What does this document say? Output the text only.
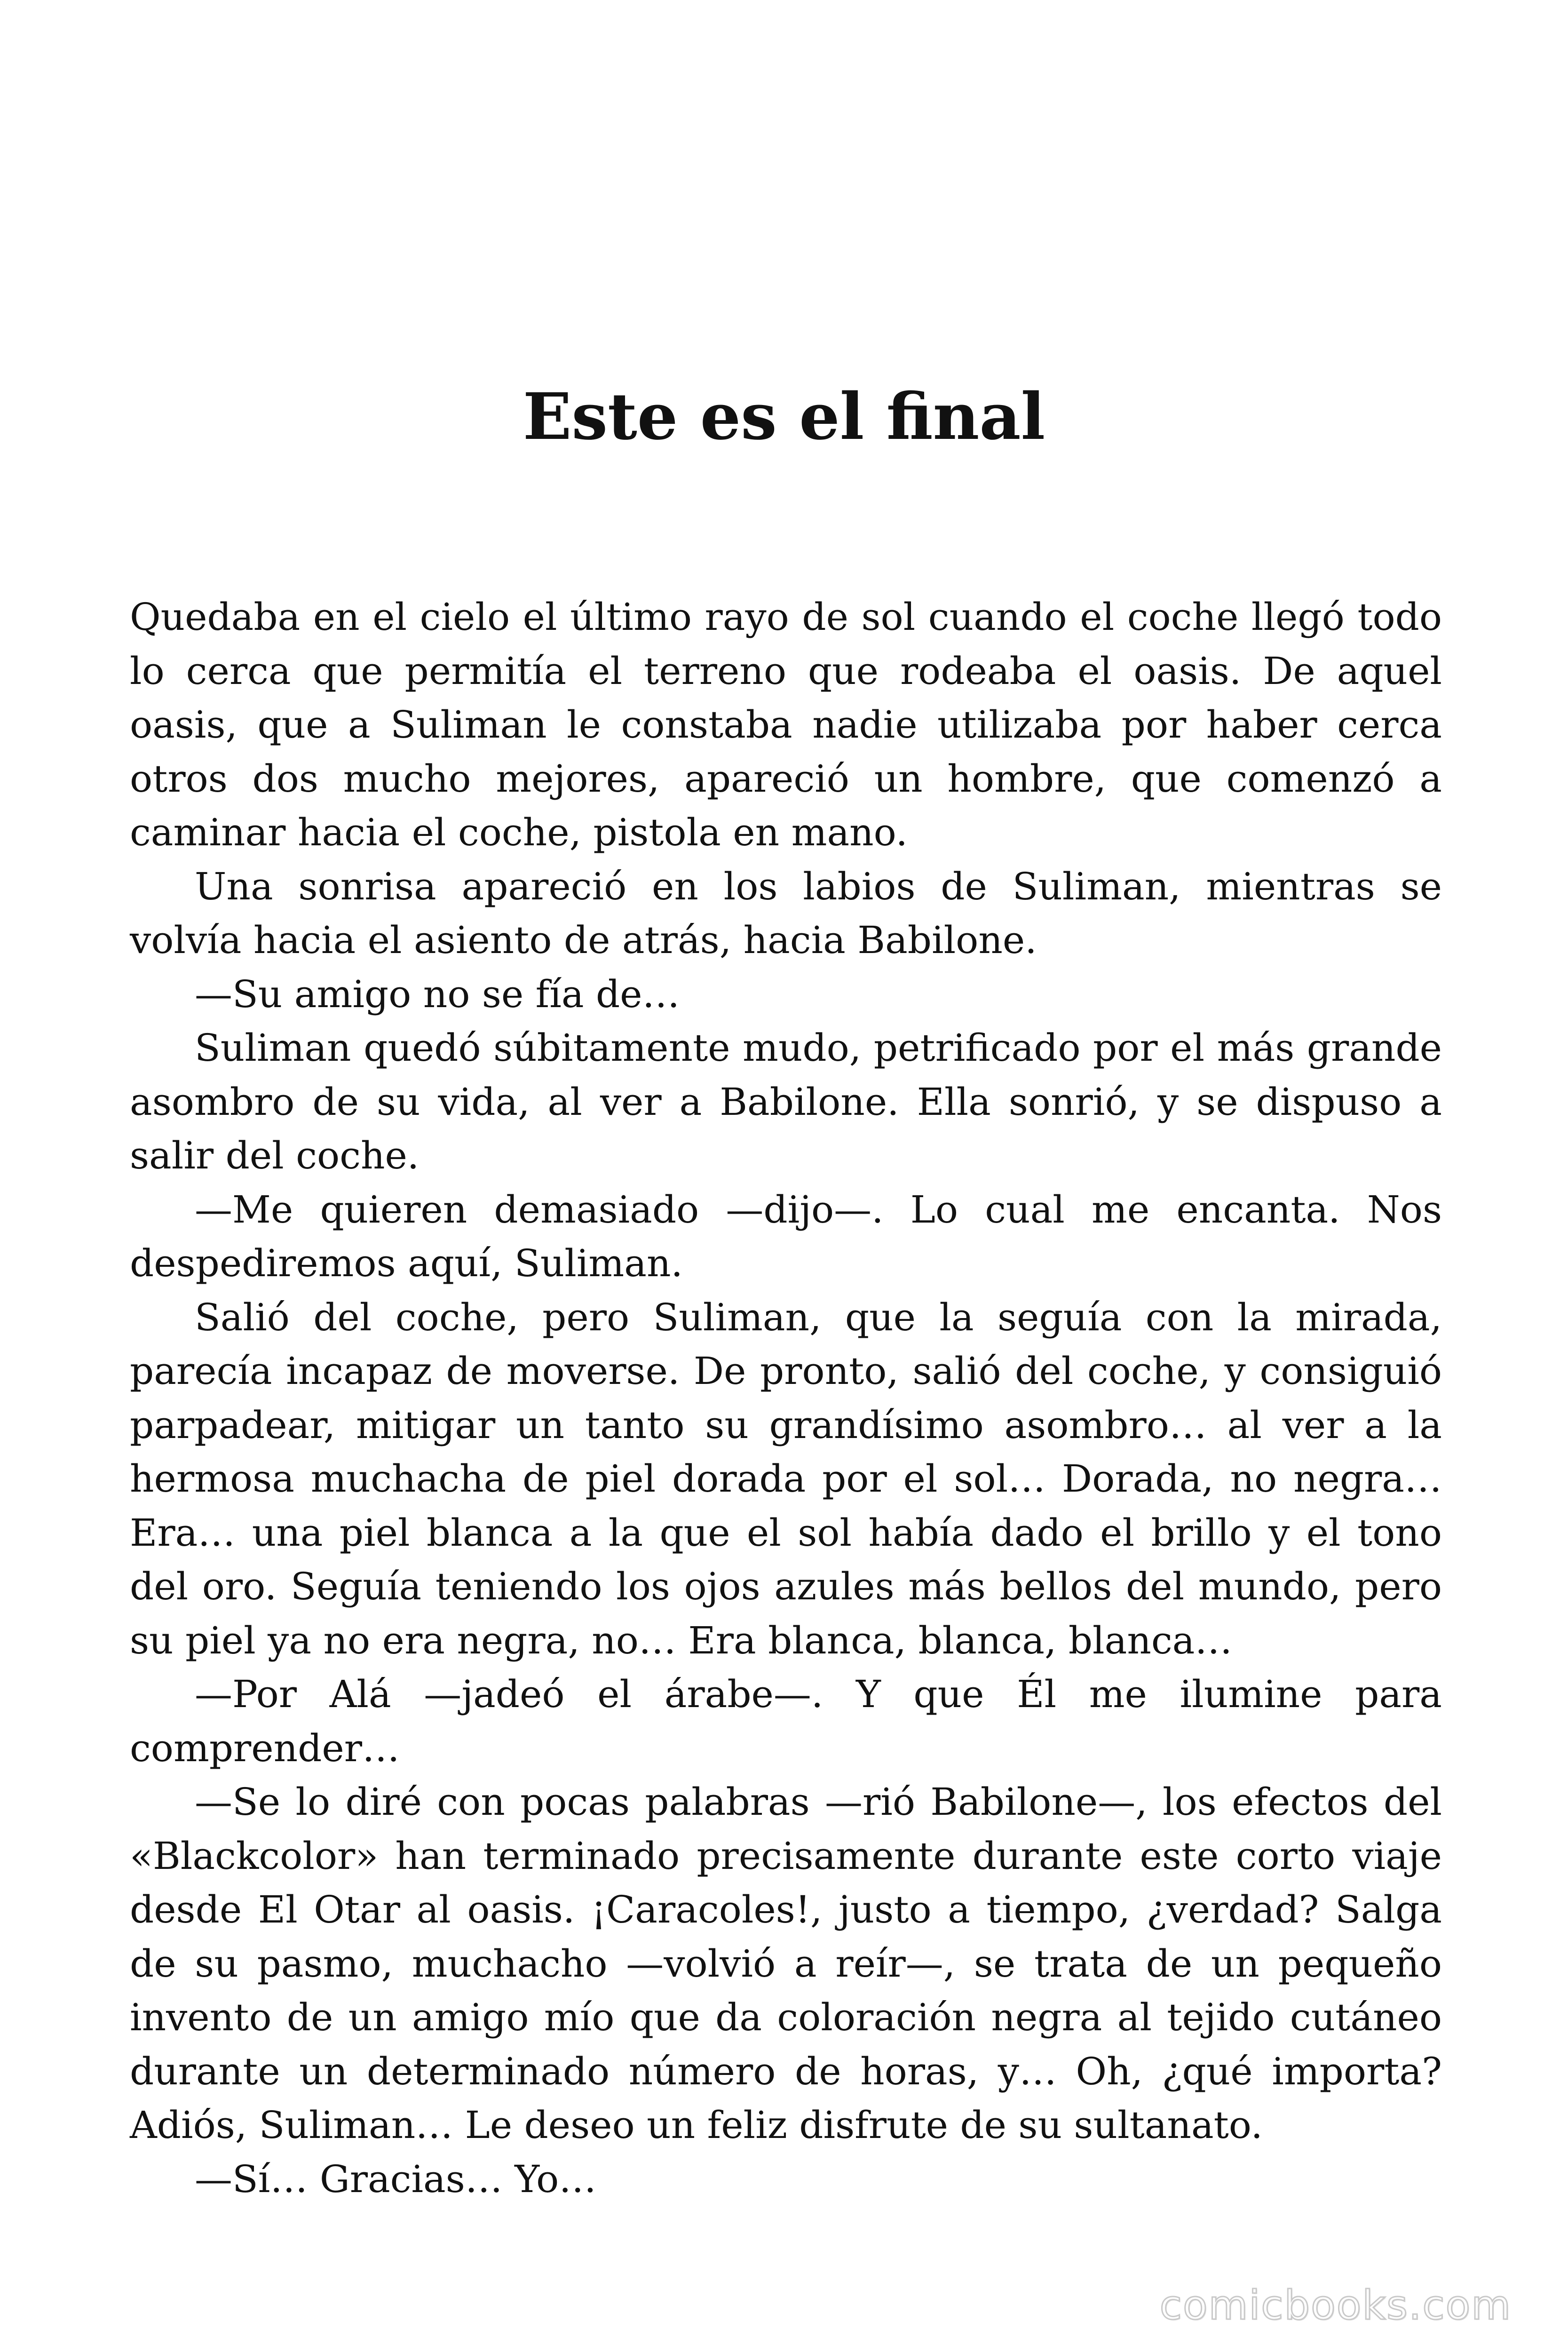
Este es el final

Quedaba en el cielo el último rayo de sol cuando el coche llegó todo lo cerca que permitía el terreno que rodeaba el oasis. De aquel oasis, que a Suliman le constaba nadie utilizaba por haber cerca otros dos mucho mejores, apareció un hombre, que comenzó a caminar hacia el coche, pistola en mano.

Una sonrisa apareció en los labios de Suliman, mientras se volvía hacia el asiento de atrás, hacia Babilone.

—Su amigo no se fía de…

Suliman quedó súbitamente mudo, petrificado por el más grande asombro de su vida, al ver a Babilone. Ella sonrió, y se dispuso a salir del coche.

—Me quieren demasiado —dijo—. Lo cual me encanta. Nos despediremos aquí, Suliman.

Salió del coche, pero Suliman, que la seguía con la mirada, parecía incapaz de moverse. De pronto, salió del coche, y consiguió parpadear, mitigar un tanto su grandísimo asombro… al ver a la hermosa muchacha de piel dorada por el sol… Dorada, no negra… Era… una piel blanca a la que el sol había dado el brillo y el tono del oro. Seguía teniendo los ojos azules más bellos del mundo, pero su piel ya no era negra, no… Era blanca, blanca, blanca…

—Por Alá —jadeó el árabe—. Y que Él me ilumine para comprender…

—Se lo diré con pocas palabras —rió Babilone—, los efectos del «Blackcolor» han terminado precisamente durante este corto viaje desde El Otar al oasis. ¡Caracoles!, justo a tiempo, ¿verdad? Salga de su pasmo, muchacho —volvió a reír—, se trata de un pequeño invento de un amigo mío que da coloración negra al tejido cutáneo durante un determinado número de horas, y… Oh, ¿qué importa? Adiós, Suliman… Le deseo un feliz disfrute de su sultanato.

—Sí… Gracias… Yo…

comicbooks.com
